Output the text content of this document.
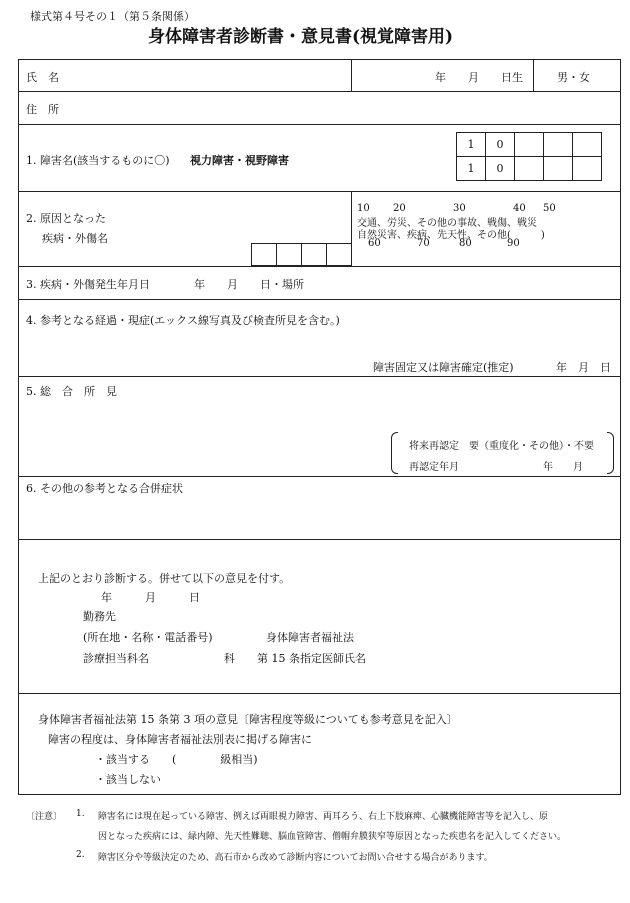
様式第４号その１（第５条関係）
身体障害者診断書・意見書(視覚障害用)
氏　名	年　　月　　日生	男・女
住　所
1. 障害名(該当するものに〇) 視力障害・視野障害
1	0			
1	0			
2. 原因となった
疾病・外傷名

10 20	30	40 50
交通、労災、その他の事故、戦傷、戦災
自然災害、疾病、先天性、その他(　　　)
60	70	80	90
3. 疾病・外傷発生年月日	年　　月　　日・場所
4. 参考となる経過・現症(エックス線写真及び検査所見を含む。)
障害固定又は障害確定(推定)	年　月　日
5. 総　合　所　見
将来再認定　要（重度化・その他）・不要
再認定年月	年　　月
6. その他の参考となる合併症状
上記のとおり診断する。併せて以下の意見を付す。
年　　　月　　　日
勤務先
(所在地・名称・電話番号)	身体障害者福祉法
診療担当科名	科 第 15 条指定医師氏名
身体障害者福祉法第 15 条第 3 項の意見〔障害程度等級についても参考意見を記入〕
障害の程度は、身体障害者福祉法別表に掲げる障害に
・該当する　　(　　　　級相当)
・該当しない
〔注意〕 1. 障害名には現在起っている障害、例えば両眼視力障害、両耳ろう、右上下肢麻痺、心臓機能障害等を記入し、原
因となった疾病には、緑内障、先天性難聴、脳血管障害、僧帽弁膜狭窄等原因となった疾患名を記入してください。
2. 障害区分や等級決定のため、高石市から改めて診断内容についてお問い合せする場合があります。
